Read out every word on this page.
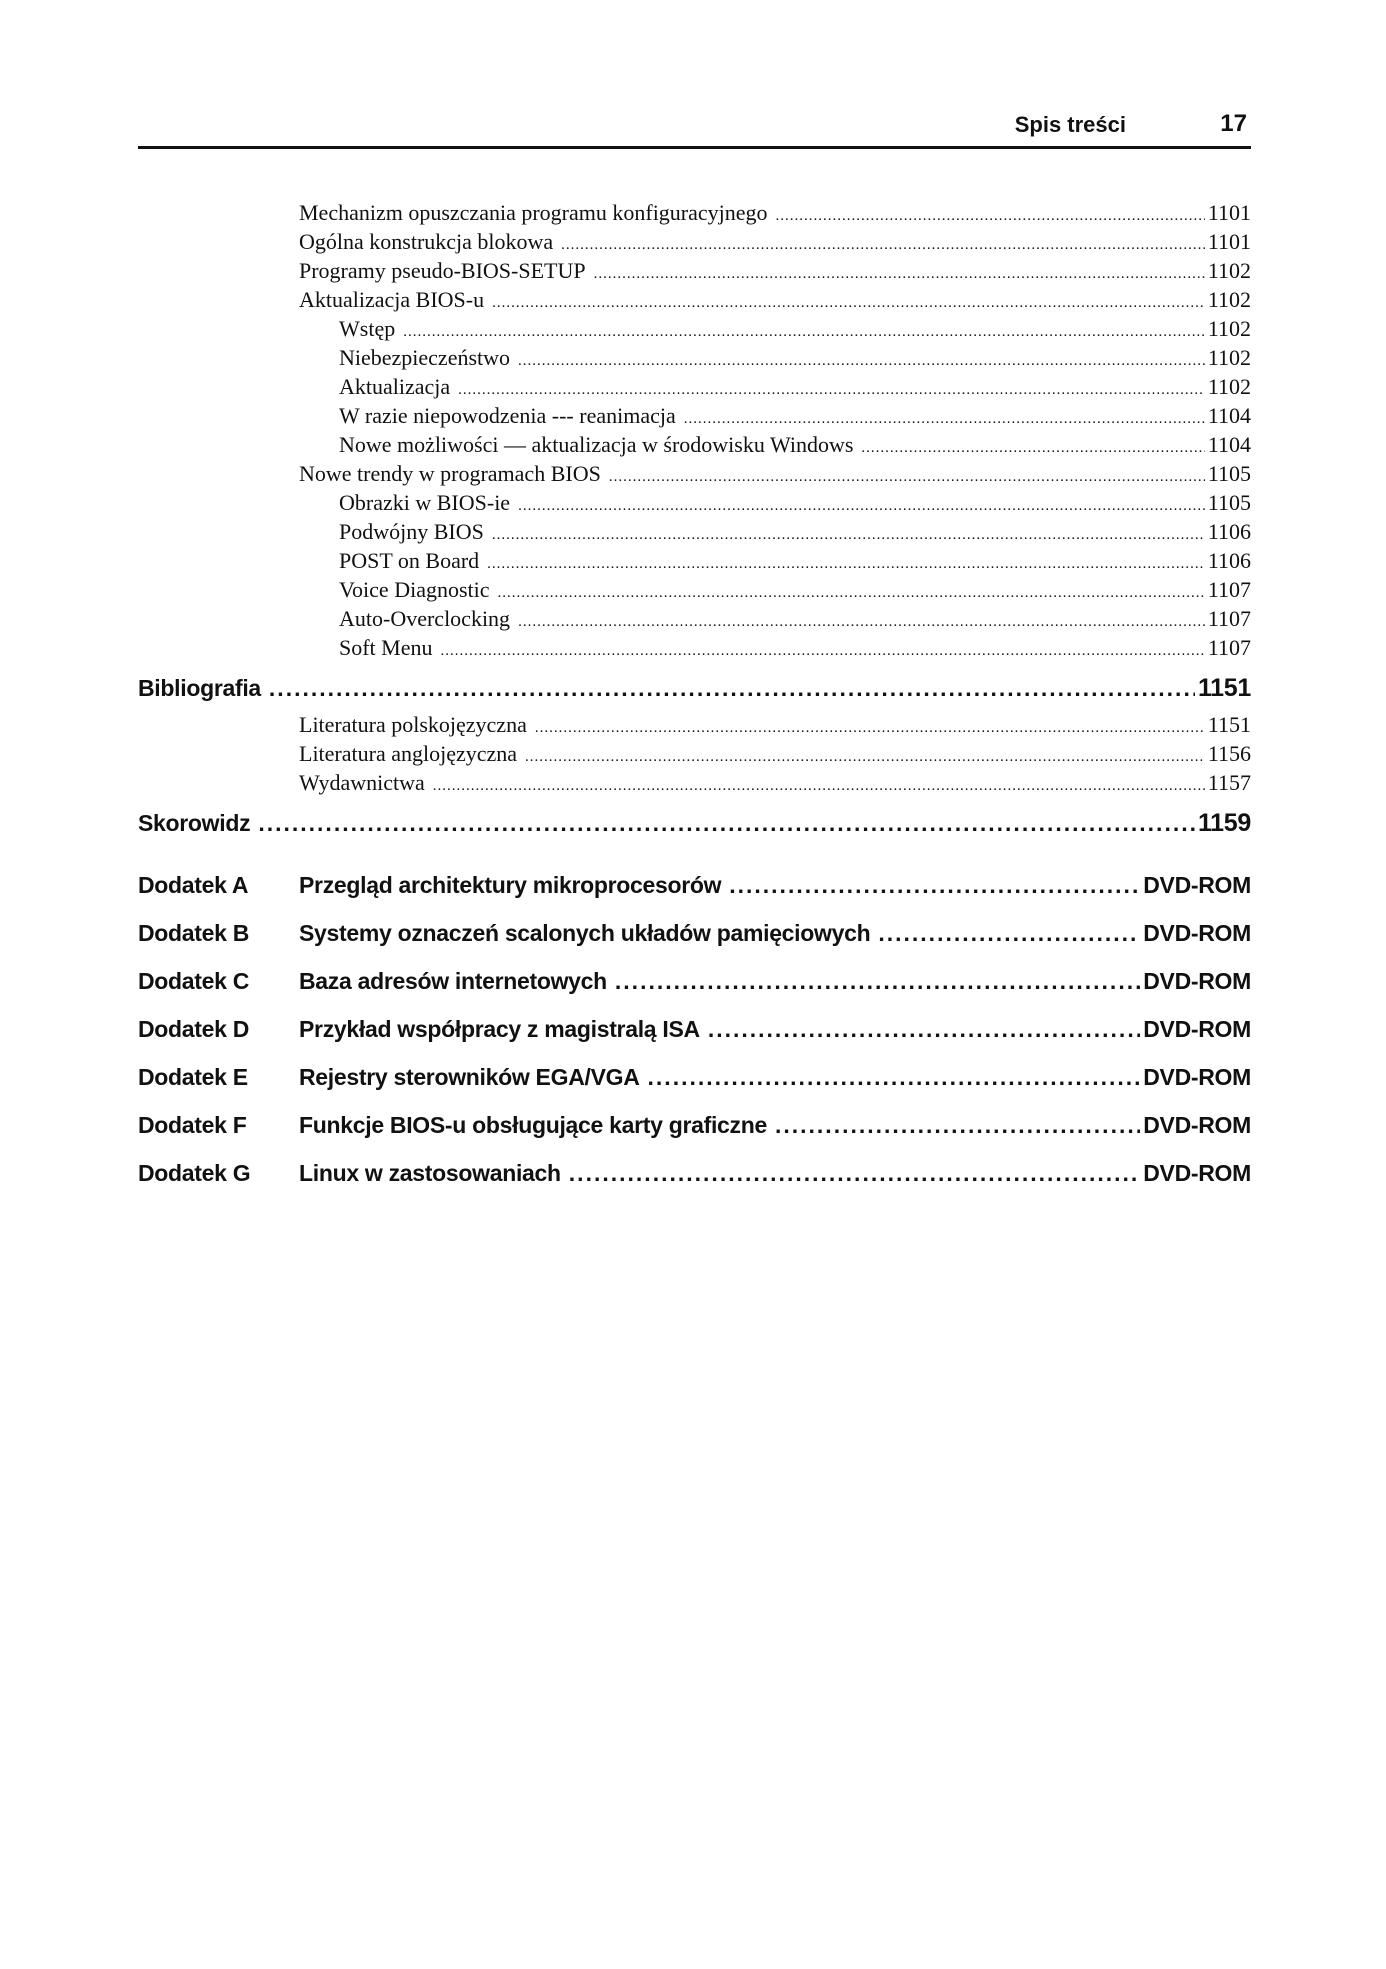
Spis treści	17
Mechanizm opuszczania programu konfiguracyjnego .....	1101
Ogólna konstrukcja blokowa .....	1101
Programy pseudo-BIOS-SETUP .....	1102
Aktualizacja BIOS-u .....	1102
Wstęp .....	1102
Niebezpieczeństwo .....	1102
Aktualizacja .....	1102
W razie niepowodzenia --- reanimacja .....	1104
Nowe możliwości — aktualizacja w środowisku Windows .....	1104
Nowe trendy w programach BIOS .....	1105
Obrazki w BIOS-ie .....	1105
Podwójny BIOS .....	1106
POST on Board .....	1106
Voice Diagnostic .....	1107
Auto-Overclocking .....	1107
Soft Menu .....	1107
Bibliografia .....	1151
Literatura polskojęzyczna .....	1151
Literatura anglojęzyczna .....	1156
Wydawnictwa .....	1157
Skorowidz .....	1159
Dodatek A	Przegląd architektury mikroprocesorów .....	DVD-ROM
Dodatek B	Systemy oznaczeń scalonych układów pamięciowych .....	DVD-ROM
Dodatek C	Baza adresów internetowych .....	DVD-ROM
Dodatek D	Przykład współpracy z magistralą ISA .....	DVD-ROM
Dodatek E	Rejestry sterowników EGA/VGA .....	DVD-ROM
Dodatek F	Funkcje BIOS-u obsługujące karty graficzne .....	DVD-ROM
Dodatek G	Linux w zastosowaniach .....	DVD-ROM
